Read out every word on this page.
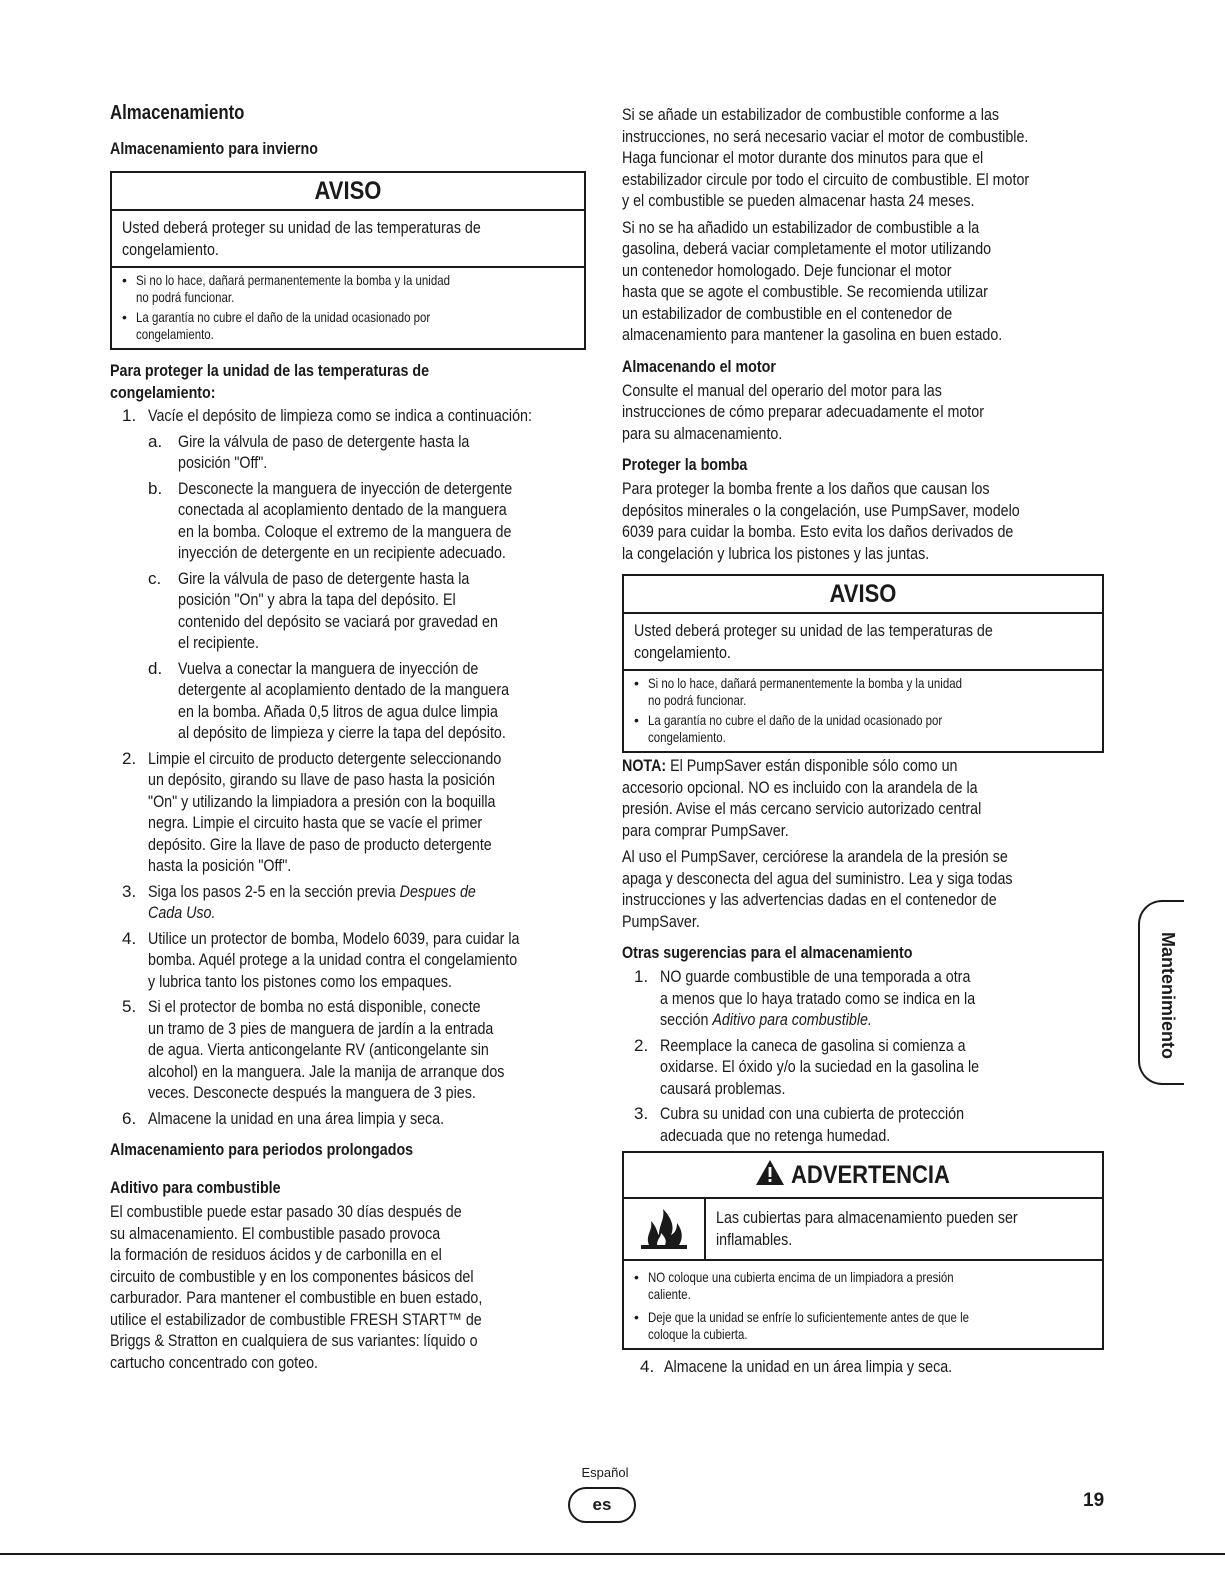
Almacenamiento
Almacenamiento para invierno
AVISO
Usted deberá proteger su unidad de las temperaturas de
congelamiento.
• Si no lo hace, dañará permanentemente la bomba y la unidad
no podrá funcionar.
• La garantía no cubre el daño de la unidad ocasionado por
congelamiento.
Para proteger la unidad de las temperaturas de
congelamiento:
1. Vacíe el depósito de limpieza como se indica a continuación:
a. Gire la válvula de paso de detergente hasta la
posición "Off".
b. Desconecte la manguera de inyección de detergente
conectada al acoplamiento dentado de la manguera
en la bomba. Coloque el extremo de la manguera de
inyección de detergente en un recipiente adecuado.
c. Gire la válvula de paso de detergente hasta la
posición "On" y abra la tapa del depósito. El
contenido del depósito se vaciará por gravedad en
el recipiente.
d. Vuelva a conectar la manguera de inyección de
detergente al acoplamiento dentado de la manguera
en la bomba. Añada 0,5 litros de agua dulce limpia
al depósito de limpieza y cierre la tapa del depósito.
2. Limpie el circuito de producto detergente seleccionando
un depósito, girando su llave de paso hasta la posición
"On" y utilizando la limpiadora a presión con la boquilla
negra. Limpie el circuito hasta que se vacíe el primer
depósito. Gire la llave de paso de producto detergente
hasta la posición "Off".
3. Siga los pasos 2-5 en la sección previa Despues de
Cada Uso.
4. Utilice un protector de bomba, Modelo 6039, para cuidar la
bomba. Aquél protege a la unidad contra el congelamiento
y lubrica tanto los pistones como los empaques.
5. Si el protector de bomba no está disponible, conecte
un tramo de 3 pies de manguera de jardín a la entrada
de agua. Vierta anticongelante RV (anticongelante sin
alcohol) en la manguera. Jale la manija de arranque dos
veces. Desconecte después la manguera de 3 pies.
6. Almacene la unidad en una área limpia y seca.
Almacenamiento para periodos prolongados
Aditivo para combustible

El combustible puede estar pasado 30 días después de
su almacenamiento. El combustible pasado provoca
la formación de residuos ácidos y de carbonilla en el
circuito de combustible y en los componentes básicos del
carburador. Para mantener el combustible en buen estado,
utilice el estabilizador de combustible FRESH START™ de
Briggs & Stratton en cualquiera de sus variantes: líquido o
cartucho concentrado con goteo.

Si se añade un estabilizador de combustible conforme a las
instrucciones, no será necesario vaciar el motor de combustible.
Haga funcionar el motor durante dos minutos para que el
estabilizador circule por todo el circuito de combustible. El motor
y el combustible se pueden almacenar hasta 24 meses.

Si no se ha añadido un estabilizador de combustible a la
gasolina, deberá vaciar completamente el motor utilizando
un contenedor homologado. Deje funcionar el motor
hasta que se agote el combustible. Se recomienda utilizar
un estabilizador de combustible en el contenedor de
almacenamiento para mantener la gasolina en buen estado.

Almacenando el motor

Consulte el manual del operario del motor para las
instrucciones de cómo preparar adecuadamente el motor
para su almacenamiento.

Proteger la bomba

Para proteger la bomba frente a los daños que causan los
depósitos minerales o la congelación, use PumpSaver, modelo
6039 para cuidar la bomba. Esto evita los daños derivados de
la congelación y lubrica los pistones y las juntas.

AVISO
Usted deberá proteger su unidad de las temperaturas de
congelamiento.
• Si no lo hace, dañará permanentemente la bomba y la unidad
no podrá funcionar.
• La garantía no cubre el daño de la unidad ocasionado por
congelamiento.

NOTA: El PumpSaver están disponible sólo como un
accesorio opcional. NO es incluido con la arandela de la
presión. Avise el más cercano servicio autorizado central
para comprar PumpSaver.

Al uso el PumpSaver, cerciórese la arandela de la presión se
apaga y desconecta del agua del suministro. Lea y siga todas
instrucciones y las advertencias dadas en el contenedor de
PumpSaver.

Otras sugerencias para el almacenamiento
1. NO guarde combustible de una temporada a otra
a menos que lo haya tratado como se indica en la
sección Aditivo para combustible.
2. Reemplace la caneca de gasolina si comienza a
oxidarse. El óxido y/o la suciedad en la gasolina le
causará problemas.
3. Cubra su unidad con una cubierta de protección
adecuada que no retenga humedad.
ADVERTENCIA
Las cubiertas para almacenamiento pueden ser
inflamables.
• NO coloque una cubierta encima de un limpiadora a presión
caliente.
• Deje que la unidad se enfríe lo suficientemente antes de que le
coloque la cubierta.
4. Almacene la unidad en un área limpia y seca.
Mantenimiento
Español
es	19
